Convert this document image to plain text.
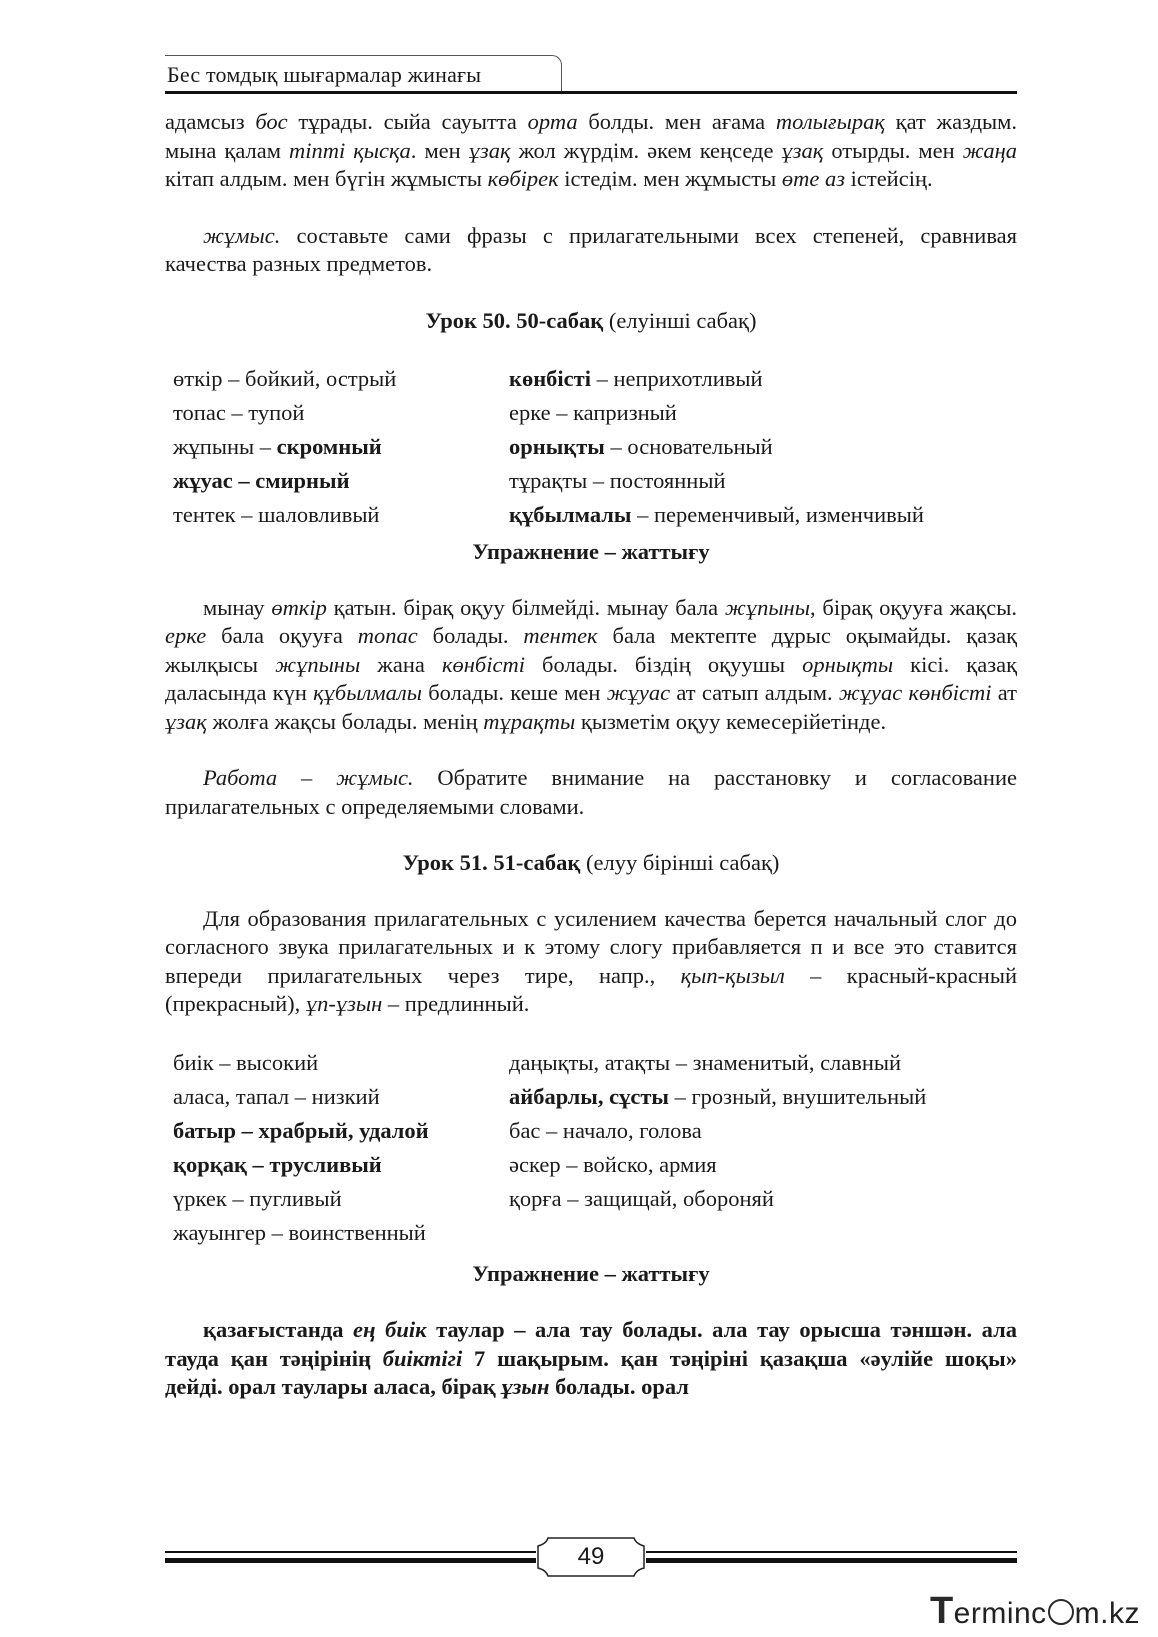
Бес томдық шығармалар жинағы

адамсыз бос тұрады. сыйа сауытта орта болды. мен ағама толығырақ қат жаздым. мына қалам тіпті қысқа. мен ұзақ жол жүрдім. әкем кеңседе ұзақ отырды. мен жаңа кітап алдым. мен бүгін жұмысты көбірек істедім. мен жұмысты өте аз істейсің.

жұмыс. составьте сами фразы с прилагательными всех степеней, сравнивая качества разных предметов.

Урок 50. 50-сабақ (елуінші сабақ)
өткір – бойкий, острый	көнбісті – неприхотливый
топас – тупой	ерке – капризный
жұпыны – скромный	орнықты – основательный
жұуас – смирный	тұрақты – постоянный
тентек – шаловливый	құбылмалы – переменчивый, изменчивый
Упражнение – жаттығу

мынау өткір қатын. бірақ оқуу білмейді. мынау бала жұпыны, бірақ оқууға жақсы. ерке бала оқууға топас болады. тентек бала мектепте дұрыс оқымайды. қазақ жылқысы жұпыны жана көнбісті болады. біздің оқуушы орнықты кісі. қазақ даласында күн құбылмалы болады. кеше мен жұуас ат сатып алдым. жұуас көнбісті ат ұзақ жолға жақсы болады. менің тұрақты қызметім оқуу кемесерійетінде.

Работа – жұмыс. Обратите внимание на расстановку и согласование прилагательных с определяемыми словами.

Урок 51. 51-сабақ (елуу бірінші сабақ)

Для образования прилагательных с усилением качества берется начальный слог до согласного звука прилагательных и к этому слогу прибавляется п и все это ставится впереди прилагательных через тире, напр., қып-қызыл – красный-красный (прекрасный), ұп-ұзын – предлинный.

биік – высокий	даңықты, атақты – знаменитый, славный
аласа, тапал – низкий	айбарлы, сұсты – грозный, внушительный
батыр – храбрый, удалой	бас – начало, голова
қорқақ – трусливый	әскер – войско, армия
үркек – пугливый	қорға – защищай, обороняй
жауынгер – воинственный
Упражнение – жаттығу

қазағыстанда ең биік таулар – ала тау болады. ала тау орысша тәншән. ала тауда қан тәңірінің биіктігі 7 шақырым. қан тәңіріні қазақша «әулійе шоқы» дейді. орал таулары аласа, бірақ ұзын болады. орал

49
Terminc m.kz
